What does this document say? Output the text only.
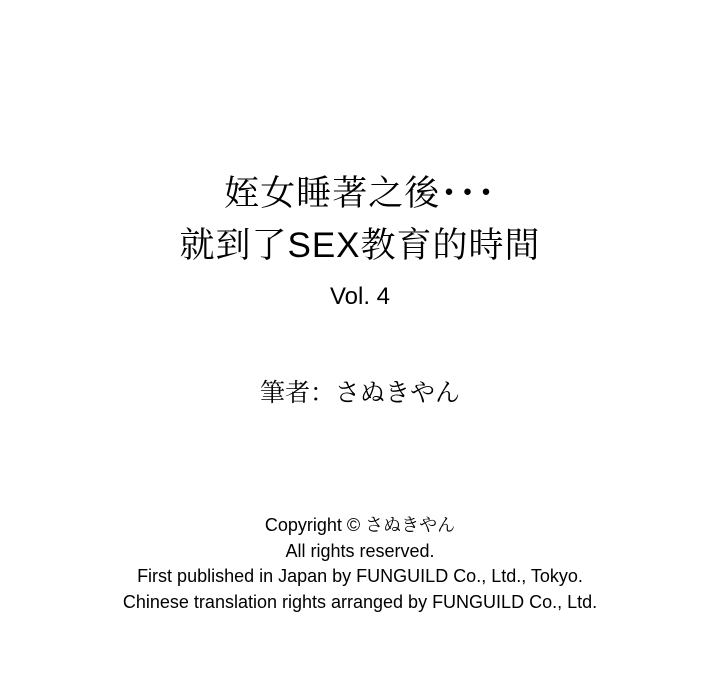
姪女睡著之後･･･
就到了SEX教育的時間
Vol. 4
筆者：さぬきやん
Copyright © さぬきやん
All rights reserved.
First published in Japan by FUNGUILD Co., Ltd., Tokyo.
Chinese translation rights arranged by FUNGUILD Co., Ltd.
